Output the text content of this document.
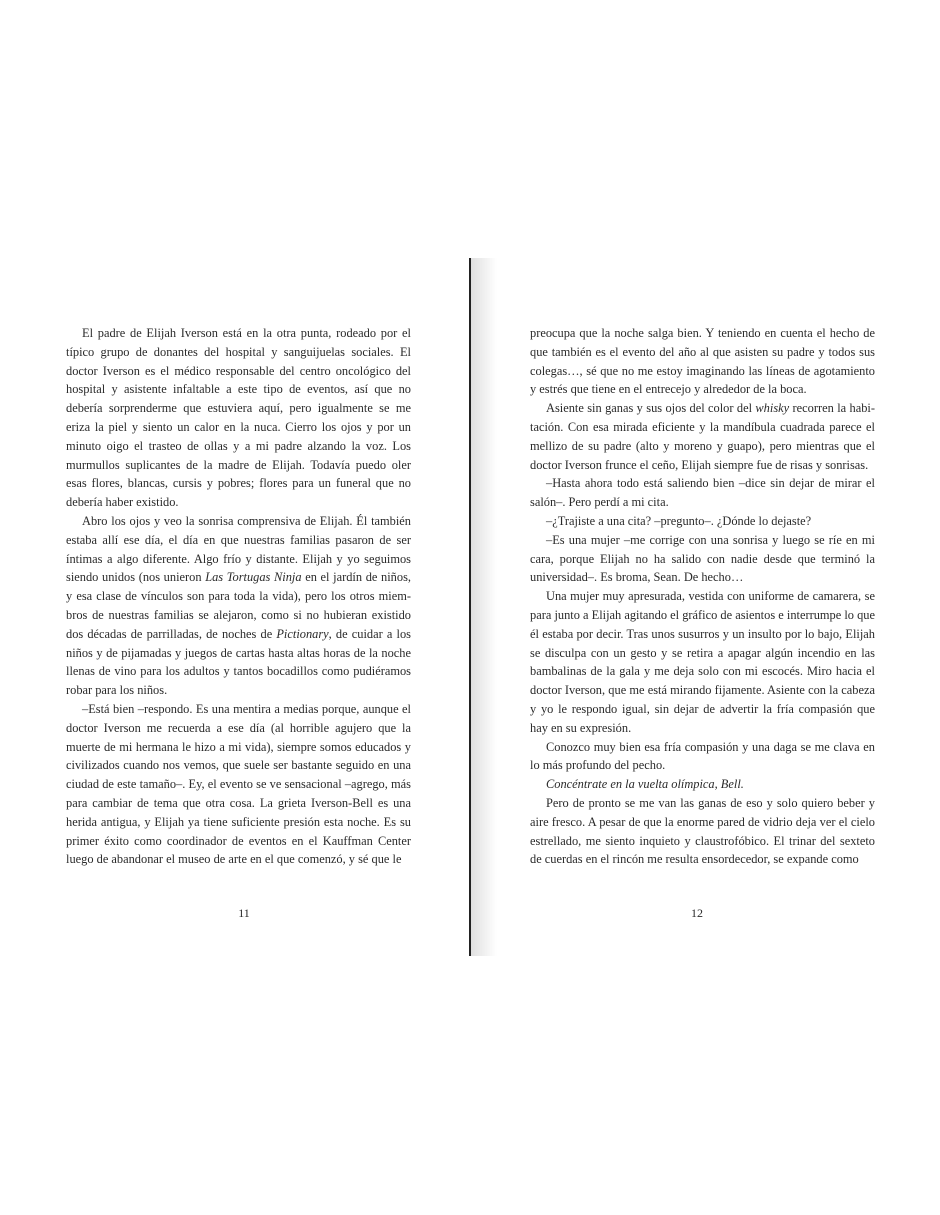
El padre de Elijah Iverson está en la otra punta, rodeado por el típico grupo de donantes del hospital y sanguijuelas sociales. El doctor Iverson es el médico responsable del centro oncológico del hospital y asistente infaltable a este tipo de eventos, así que no debería sorprenderme que estuviera aquí, pero igualmente se me eriza la piel y siento un calor en la nuca. Cierro los ojos y por un minuto oigo el trasteo de ollas y a mi padre alzando la voz. Los murmullos suplicantes de la madre de Elijah. Todavía puedo oler esas flores, blancas, cursis y pobres; flores para un funeral que no debería haber existido.

Abro los ojos y veo la sonrisa comprensiva de Elijah. Él también estaba allí ese día, el día en que nuestras familias pasaron de ser íntimas a algo diferente. Algo frío y distante. Elijah y yo seguimos siendo unidos (nos unieron Las Tortugas Ninja en el jardín de niños, y esa clase de vínculos son para toda la vida), pero los otros miembros de nuestras familias se alejaron, como si no hubieran existido dos décadas de parrilladas, de noches de Pictionary, de cuidar a los niños y de pijamadas y juegos de cartas hasta altas horas de la noche llenas de vino para los adultos y tantos bocadillos como pudiéramos robar para los niños.

–Está bien –respondo. Es una mentira a medias porque, aunque el doctor Iverson me recuerda a ese día (al horrible agujero que la muerte de mi hermana le hizo a mi vida), siempre somos educados y civilizados cuando nos vemos, que suele ser bastante seguido en una ciudad de este tamaño–. Ey, el evento se ve sensacional –agrego, más para cambiar de tema que otra cosa. La grieta Iverson-Bell es una herida antigua, y Elijah ya tiene suficiente presión esta noche. Es su primer éxito como coordinador de eventos en el Kauffman Center luego de abandonar el museo de arte en el que comenzó, y sé que le

preocupa que la noche salga bien. Y teniendo en cuenta el hecho de que también es el evento del año al que asisten su padre y todos sus colegas…, sé que no me estoy imaginando las líneas de agotamiento y estrés que tiene en el entrecejo y alrededor de la boca.

Asiente sin ganas y sus ojos del color del whisky recorren la habitación. Con esa mirada eficiente y la mandíbula cuadrada parece el mellizo de su padre (alto y moreno y guapo), pero mientras que el doctor Iverson frunce el ceño, Elijah siempre fue de risas y sonrisas.

–Hasta ahora todo está saliendo bien –dice sin dejar de mirar el salón–. Pero perdí a mi cita.

–¿Trajiste a una cita? –pregunto–. ¿Dónde lo dejaste?

–Es una mujer –me corrige con una sonrisa y luego se ríe en mi cara, porque Elijah no ha salido con nadie desde que terminó la universidad–. Es broma, Sean. De hecho…

Una mujer muy apresurada, vestida con uniforme de camarera, se para junto a Elijah agitando el gráfico de asientos e interrumpe lo que él estaba por decir. Tras unos susurros y un insulto por lo bajo, Elijah se disculpa con un gesto y se retira a apagar algún incendio en las bambalinas de la gala y me deja solo con mi escocés. Miro hacia el doctor Iverson, que me está mirando fijamente. Asiente con la cabeza y yo le respondo igual, sin dejar de advertir la fría compasión que hay en su expresión.

Conozco muy bien esa fría compasión y una daga se me clava en lo más profundo del pecho.

Concéntrate en la vuelta olímpica, Bell.

Pero de pronto se me van las ganas de eso y solo quiero beber y aire fresco. A pesar de que la enorme pared de vidrio deja ver el cielo estrellado, me siento inquieto y claustrofóbico. El trinar del sexteto de cuerdas en el rincón me resulta ensordecedor, se expande como

11	12
